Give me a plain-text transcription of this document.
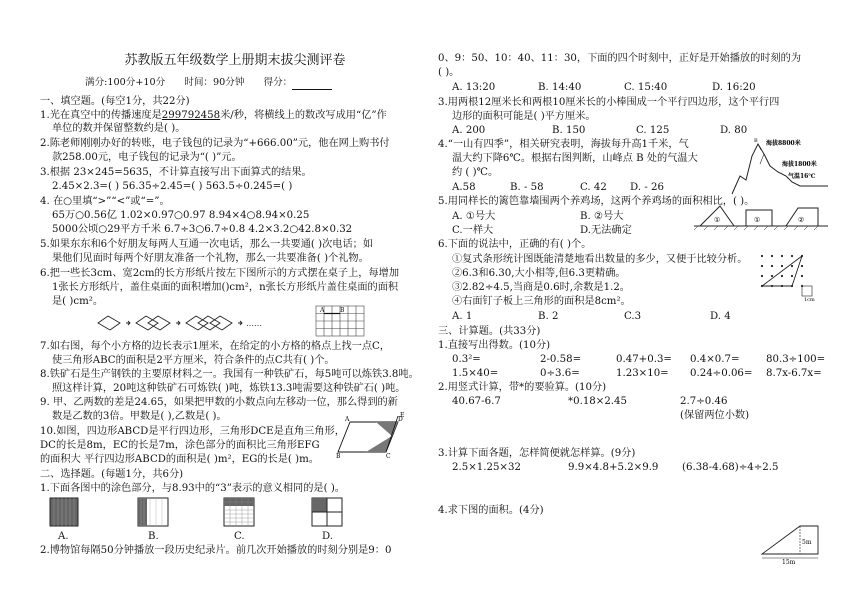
苏教版五年级数学上册期末拔尖测评卷
满分:100分+10分 时间：90分钟 得分：
一、填空题。(每空1分，共22分)
1.光在真空中的传播速度是299792458米/秒，将横线上的数改写成用“亿”作
单位的数并保留整数约是( )。
2.陈老师刚刚办好的转账，电子钱包的记录为“+666.00”元，他在网上购书付
款258.00元，电子钱包的记录为“( )”元。
3.根据 23×245=5635，不计算直接写出下面算式的结果。
2.45×2.3=( ) 56.35÷2.45=( ) 563.5÷0.245=( )
4. 在○里填“>”“<”或“=”。
65万○0.56亿 1.02×0.97○0.97 8.94×4○8.94×0.25
5000公顷○29平方千米 6.7÷3○6.7÷0.8 4.2×3.2○42.8×0.32
5.如果东东和6个好朋友每两人互通一次电话，那么一共要通( )次电话；如
果他们见面时每两个好朋友准备一个礼物，那么一共要准备( )个礼物。
6.把一些长3cm、宽2cm的长方形纸片按左下图所示的方式摆在桌子上，每增加
1张长方形纸片，盖住桌面的面积增加()cm²，n张长方形纸片盖住桌面的面积
是( )cm²。
……
A	B
7.如右图，每个小方格的边长表示1厘米，在给定的小方格的格点上找一点C，
使三角形ABC的面积是2平方厘米，符合条件的点C共有( )个。
8.铁矿石是生产钢铁的主要原材料之一。我国有一种铁矿石，每5吨可以炼铁3.8吨。
照这样计算，20吨这种铁矿石可炼铁( )吨，炼铁13.3吨需要这种铁矿石( )吨。
9. 甲、乙两数的差是24.65，如果把甲数的小数点向左移动一位，那么得到的新
数是乙数的3倍。甲数是( ),乙数是( )。
10.如图，四边形ABCD是平行四边形，三角形DCE是直角三角形，
DC的长是8m，EC的长是7m，涂色部分的面积比三角形EFG
的面积大 平行四边形ABCD的面积是( )m²，EG的长是( )m。
A	D
B	C
E
二、选择题。(每题1分，共6分)
1.下面各图中的涂色部分，与8.93中的“3”表示的意义相同的是( )。
A.	B.	C.	D.
2.博物馆每隔50分钟播放一段历史纪录片。前几次开始播放的时刻分别是9：0
0、9：50、10：40、11：30，下面的四个时刻中，正好是开始播放的时刻的为
( )。
A. 13:20	B. 14:40	C. 15:40	D. 16:20
3.用两根12厘米长和两根10厘米长的小棒围成一个平行四边形，这个平行四
边形的面积可能是( )平方厘米。
A. 200	B. 150	C. 125	D. 80
4.“一山有四季”，相关研究表明，海拔每升高1千米，气
温大约下降6℃。根据右图判断，山峰点 B 处的气温大
约 ( )℃。
A.58	B. - 58	C. 42 D. - 26
海拔8800米
海拔1800米
气温16℃
B
5.用同样长的篱笆靠墙围两个养鸡场，这两个养鸡场的面积相比，( )。
A. ①号大	B. ②号大
C.一样大	D.无法确定
①	①	②
6.下面的说法中，正确的有( )个。
①复式条形统计图既能清楚地看出数量的多少，又便于比较分析。
②6.3和6.30,大小相等,但6.3更精确。
③2.82÷4.5,当商是0.6时,余数是1.2。
④右面钉子板上三角形的面积是8cm²。	1cm
A. 1	B. 2	C.3	D. 4
三、计算题。(共33分)
1.直接写出得数。(10分)
0.3²=	2-0.58=	0.47+0.3= 0.4×0.7=	80.3÷100=
1.5×40=	0÷3.6=	1.23×10= 0.24÷0.06= 8.7x-6.7x=
2.用竖式计算，带*的要验算。(10分)
40.67-6.7	*0.18×2.45	2.7÷0.46
(保留两位小数)
3.计算下面各题，怎样简便就怎样算。(9分)
2.5×1.25×32	9.9×4.8+5.2×9.9 (6.38-4.68)÷4÷2.5
4.求下图的面积。(4分)
15m
5m
